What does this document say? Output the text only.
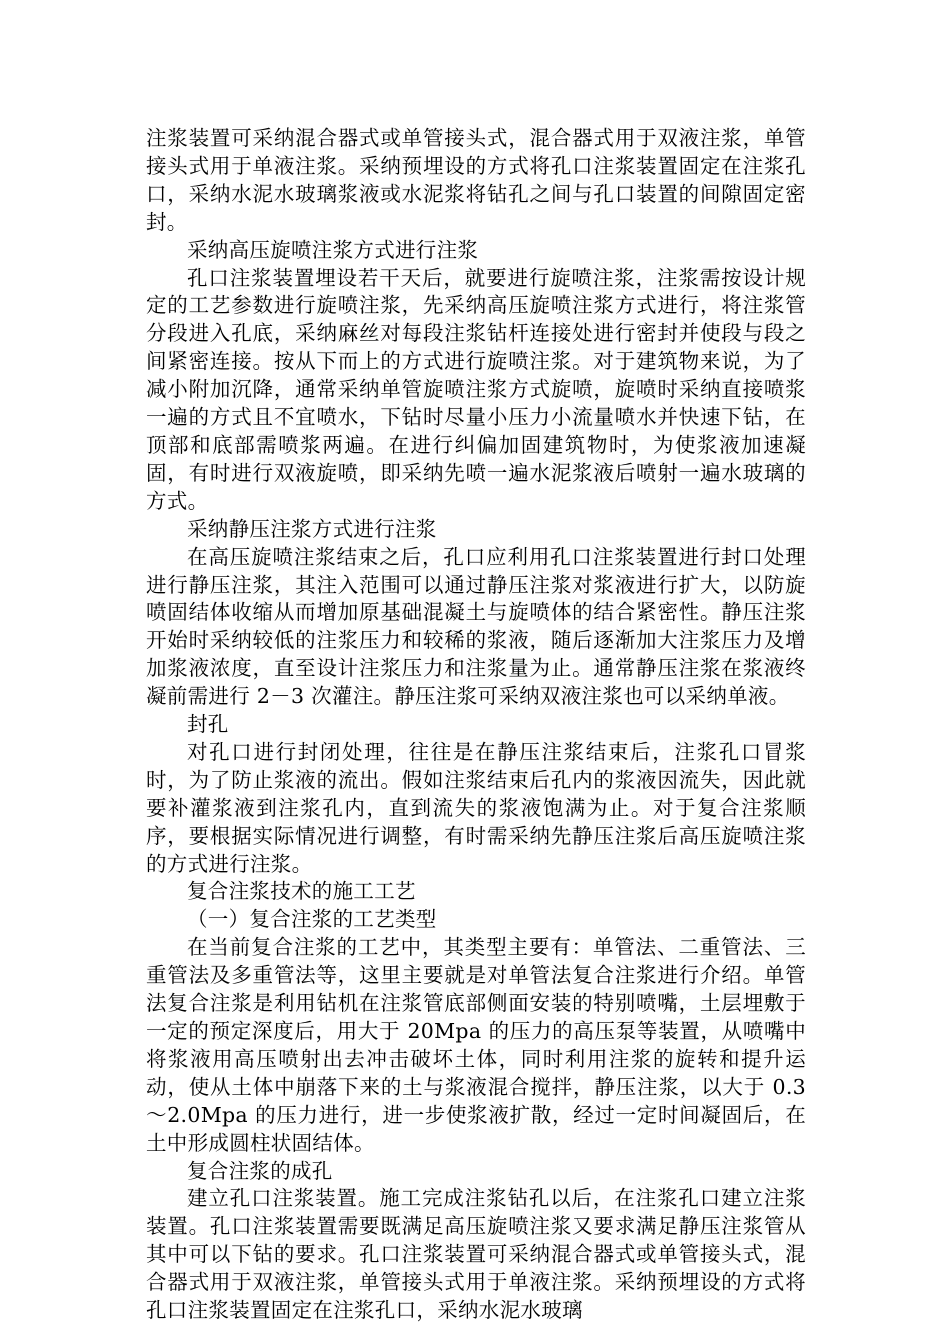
注浆装置可采纳混合器式或单管接头式，混合器式用于双液注浆，单管接头式用于单液注浆。采纳预埋设的方式将孔口注浆装置固定在注浆孔口，采纳水泥水玻璃浆液或水泥浆将钻孔之间与孔口装置的间隙固定密封。

采纳高压旋喷注浆方式进行注浆

孔口注浆装置埋设若干天后，就要进行旋喷注浆，注浆需按设计规定的工艺参数进行旋喷注浆，先采纳高压旋喷注浆方式进行，将注浆管分段进入孔底，采纳麻丝对每段注浆钻杆连接处进行密封并使段与段之间紧密连接。按从下而上的方式进行旋喷注浆。对于建筑物来说，为了减小附加沉降，通常采纳单管旋喷注浆方式旋喷，旋喷时采纳直接喷浆一遍的方式且不宜喷水，下钻时尽量小压力小流量喷水并快速下钻，在顶部和底部需喷浆两遍。在进行纠偏加固建筑物时，为使浆液加速凝固，有时进行双液旋喷，即采纳先喷一遍水泥浆液后喷射一遍水玻璃的方式。

采纳静压注浆方式进行注浆

在高压旋喷注浆结束之后，孔口应利用孔口注浆装置进行封口处理进行静压注浆，其注入范围可以通过静压注浆对浆液进行扩大，以防旋喷固结体收缩从而增加原基础混凝土与旋喷体的结合紧密性。静压注浆开始时采纳较低的注浆压力和较稀的浆液，随后逐渐加大注浆压力及增加浆液浓度，直至设计注浆压力和注浆量为止。通常静压注浆在浆液终凝前需进行 2－3 次灌注。静压注浆可采纳双液注浆也可以采纳单液。

封孔

对孔口进行封闭处理，往往是在静压注浆结束后，注浆孔口冒浆时，为了防止浆液的流出。假如注浆结束后孔内的浆液因流失，因此就要补灌浆液到注浆孔内，直到流失的浆液饱满为止。对于复合注浆顺序，要根据实际情况进行调整，有时需采纳先静压注浆后高压旋喷注浆的方式进行注浆。

复合注浆技术的施工工艺

（一）复合注浆的工艺类型

在当前复合注浆的工艺中，其类型主要有：单管法、二重管法、三重管法及多重管法等，这里主要就是对单管法复合注浆进行介绍。单管法复合注浆是利用钻机在注浆管底部侧面安装的特别喷嘴，土层埋敷于一定的预定深度后，用大于 20Mpa 的压力的高压泵等装置，从喷嘴中将浆液用高压喷射出去冲击破坏土体，同时利用注浆的旋转和提升运动，使从土体中崩落下来的土与浆液混合搅拌，静压注浆，以大于 0.3～2.0Mpa 的压力进行，进一步使浆液扩散，经过一定时间凝固后，在土中形成圆柱状固结体。

复合注浆的成孔

建立孔口注浆装置。施工完成注浆钻孔以后，在注浆孔口建立注浆装置。孔口注浆装置需要既满足高压旋喷注浆又要求满足静压注浆管从其中可以下钻的要求。孔口注浆装置可采纳混合器式或单管接头式，混合器式用于双液注浆，单管接头式用于单液注浆。采纳预埋设的方式将孔口注浆装置固定在注浆孔口，采纳水泥水玻璃
